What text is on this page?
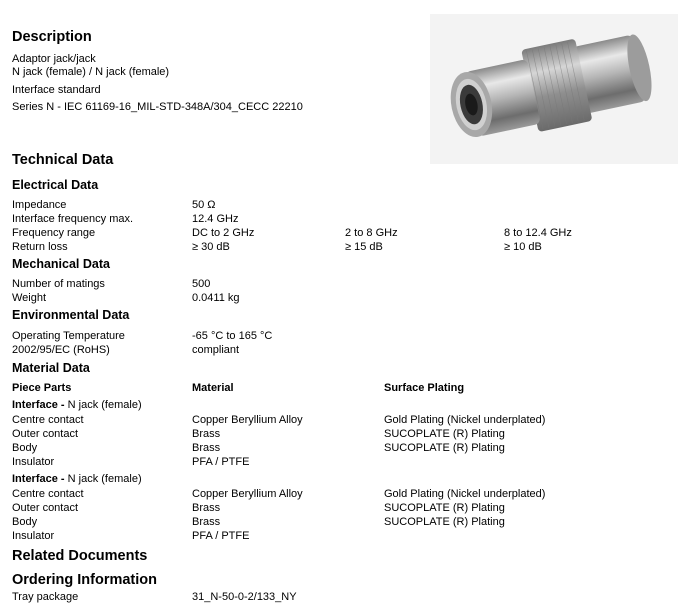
Description
Adaptor jack/jack
N jack (female) / N jack (female)
Interface standard
Series N - IEC 61169-16_MIL-STD-348A/304_CECC 22210
Technical Data
Electrical Data
Impedance	50 Ω
Interface frequency max.	12.4 GHz
Frequency range	DC to 2 GHz	2 to 8 GHz	8 to 12.4 GHz
Return loss	≥ 30 dB	≥ 15 dB	≥ 10 dB
Mechanical Data
Number of matings	500
Weight	0.0411 kg
Environmental Data
Operating Temperature	-65 °C to 165 °C
2002/95/EC (RoHS)	compliant
Material Data
Piece Parts	Material	Surface Plating
Interface - N jack (female)
Centre contact	Copper Beryllium Alloy	Gold Plating (Nickel underplated)
Outer contact	Brass	SUCOPLATE (R) Plating
Body	Brass	SUCOPLATE (R) Plating
Insulator	PFA / PTFE
Interface - N jack (female)
Centre contact	Copper Beryllium Alloy	Gold Plating (Nickel underplated)
Outer contact	Brass	SUCOPLATE (R) Plating
Body	Brass	SUCOPLATE (R) Plating
Insulator	PFA / PTFE
Related Documents
Ordering Information
Tray package	31_N-50-0-2/133_NY
